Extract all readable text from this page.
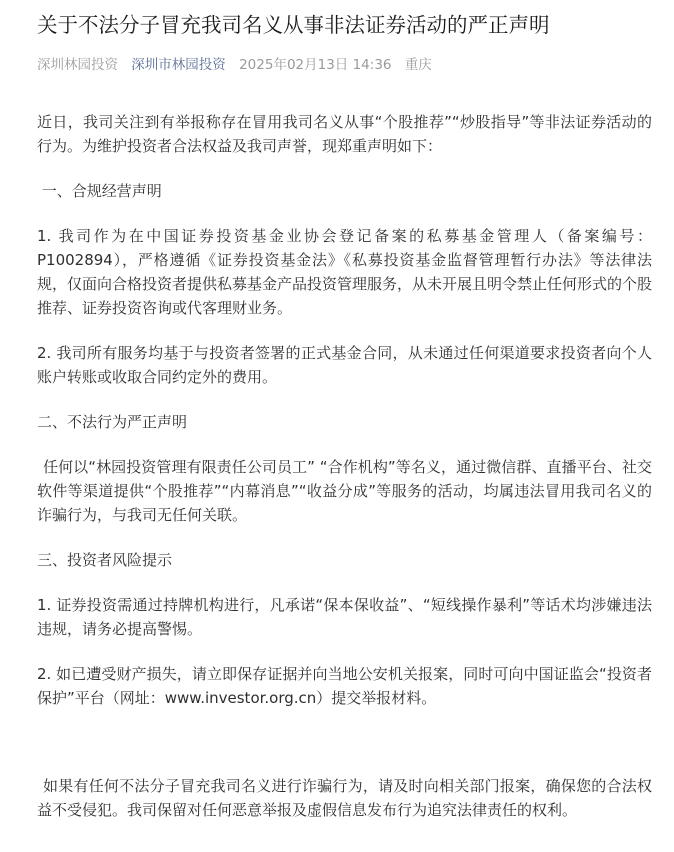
关于不法分子冒充我司名义从事非法证券活动的严正声明
深圳林园投资 深圳市林园投资 2025年02月13日 14:36 重庆

近日，我司关注到有举报称存在冒用我司名义从事“个股推荐”“炒股指导”等非法证券活动的行为。为维护投资者合法权益及我司声誉，现郑重声明如下：

一、合规经营声明

1. 我司作为在中国证券投资基金业协会登记备案的私募基金管理人（备案编号：P1002894），严格遵循《证券投资基金法》《私募投资基金监督管理暂行办法》等法律法规，仅面向合格投资者提供私募基金产品投资管理服务，从未开展且明令禁止任何形式的个股推荐、证券投资咨询或代客理财业务。

2. 我司所有服务均基于与投资者签署的正式基金合同，从未通过任何渠道要求投资者向个人账户转账或收取合同约定外的费用。

二、不法行为严正声明

任何以“林园投资管理有限责任公司员工” “合作机构”等名义，通过微信群、直播平台、社交软件等渠道提供“个股推荐”“内幕消息”“收益分成”等服务的活动，均属违法冒用我司名义的诈骗行为，与我司无任何关联。

三、投资者风险提示

1. 证券投资需通过持牌机构进行，凡承诺“保本保收益”、“短线操作暴利”等话术均涉嫌违法违规，请务必提高警惕。

2. 如已遭受财产损失，请立即保存证据并向当地公安机关报案，同时可向中国证监会“投资者保护”平台（网址：www.investor.org.cn）提交举报材料。

如果有任何不法分子冒充我司名义进行诈骗行为，请及时向相关部门报案，确保您的合法权益不受侵犯。我司保留对任何恶意举报及虚假信息发布行为追究法律责任的权利。
